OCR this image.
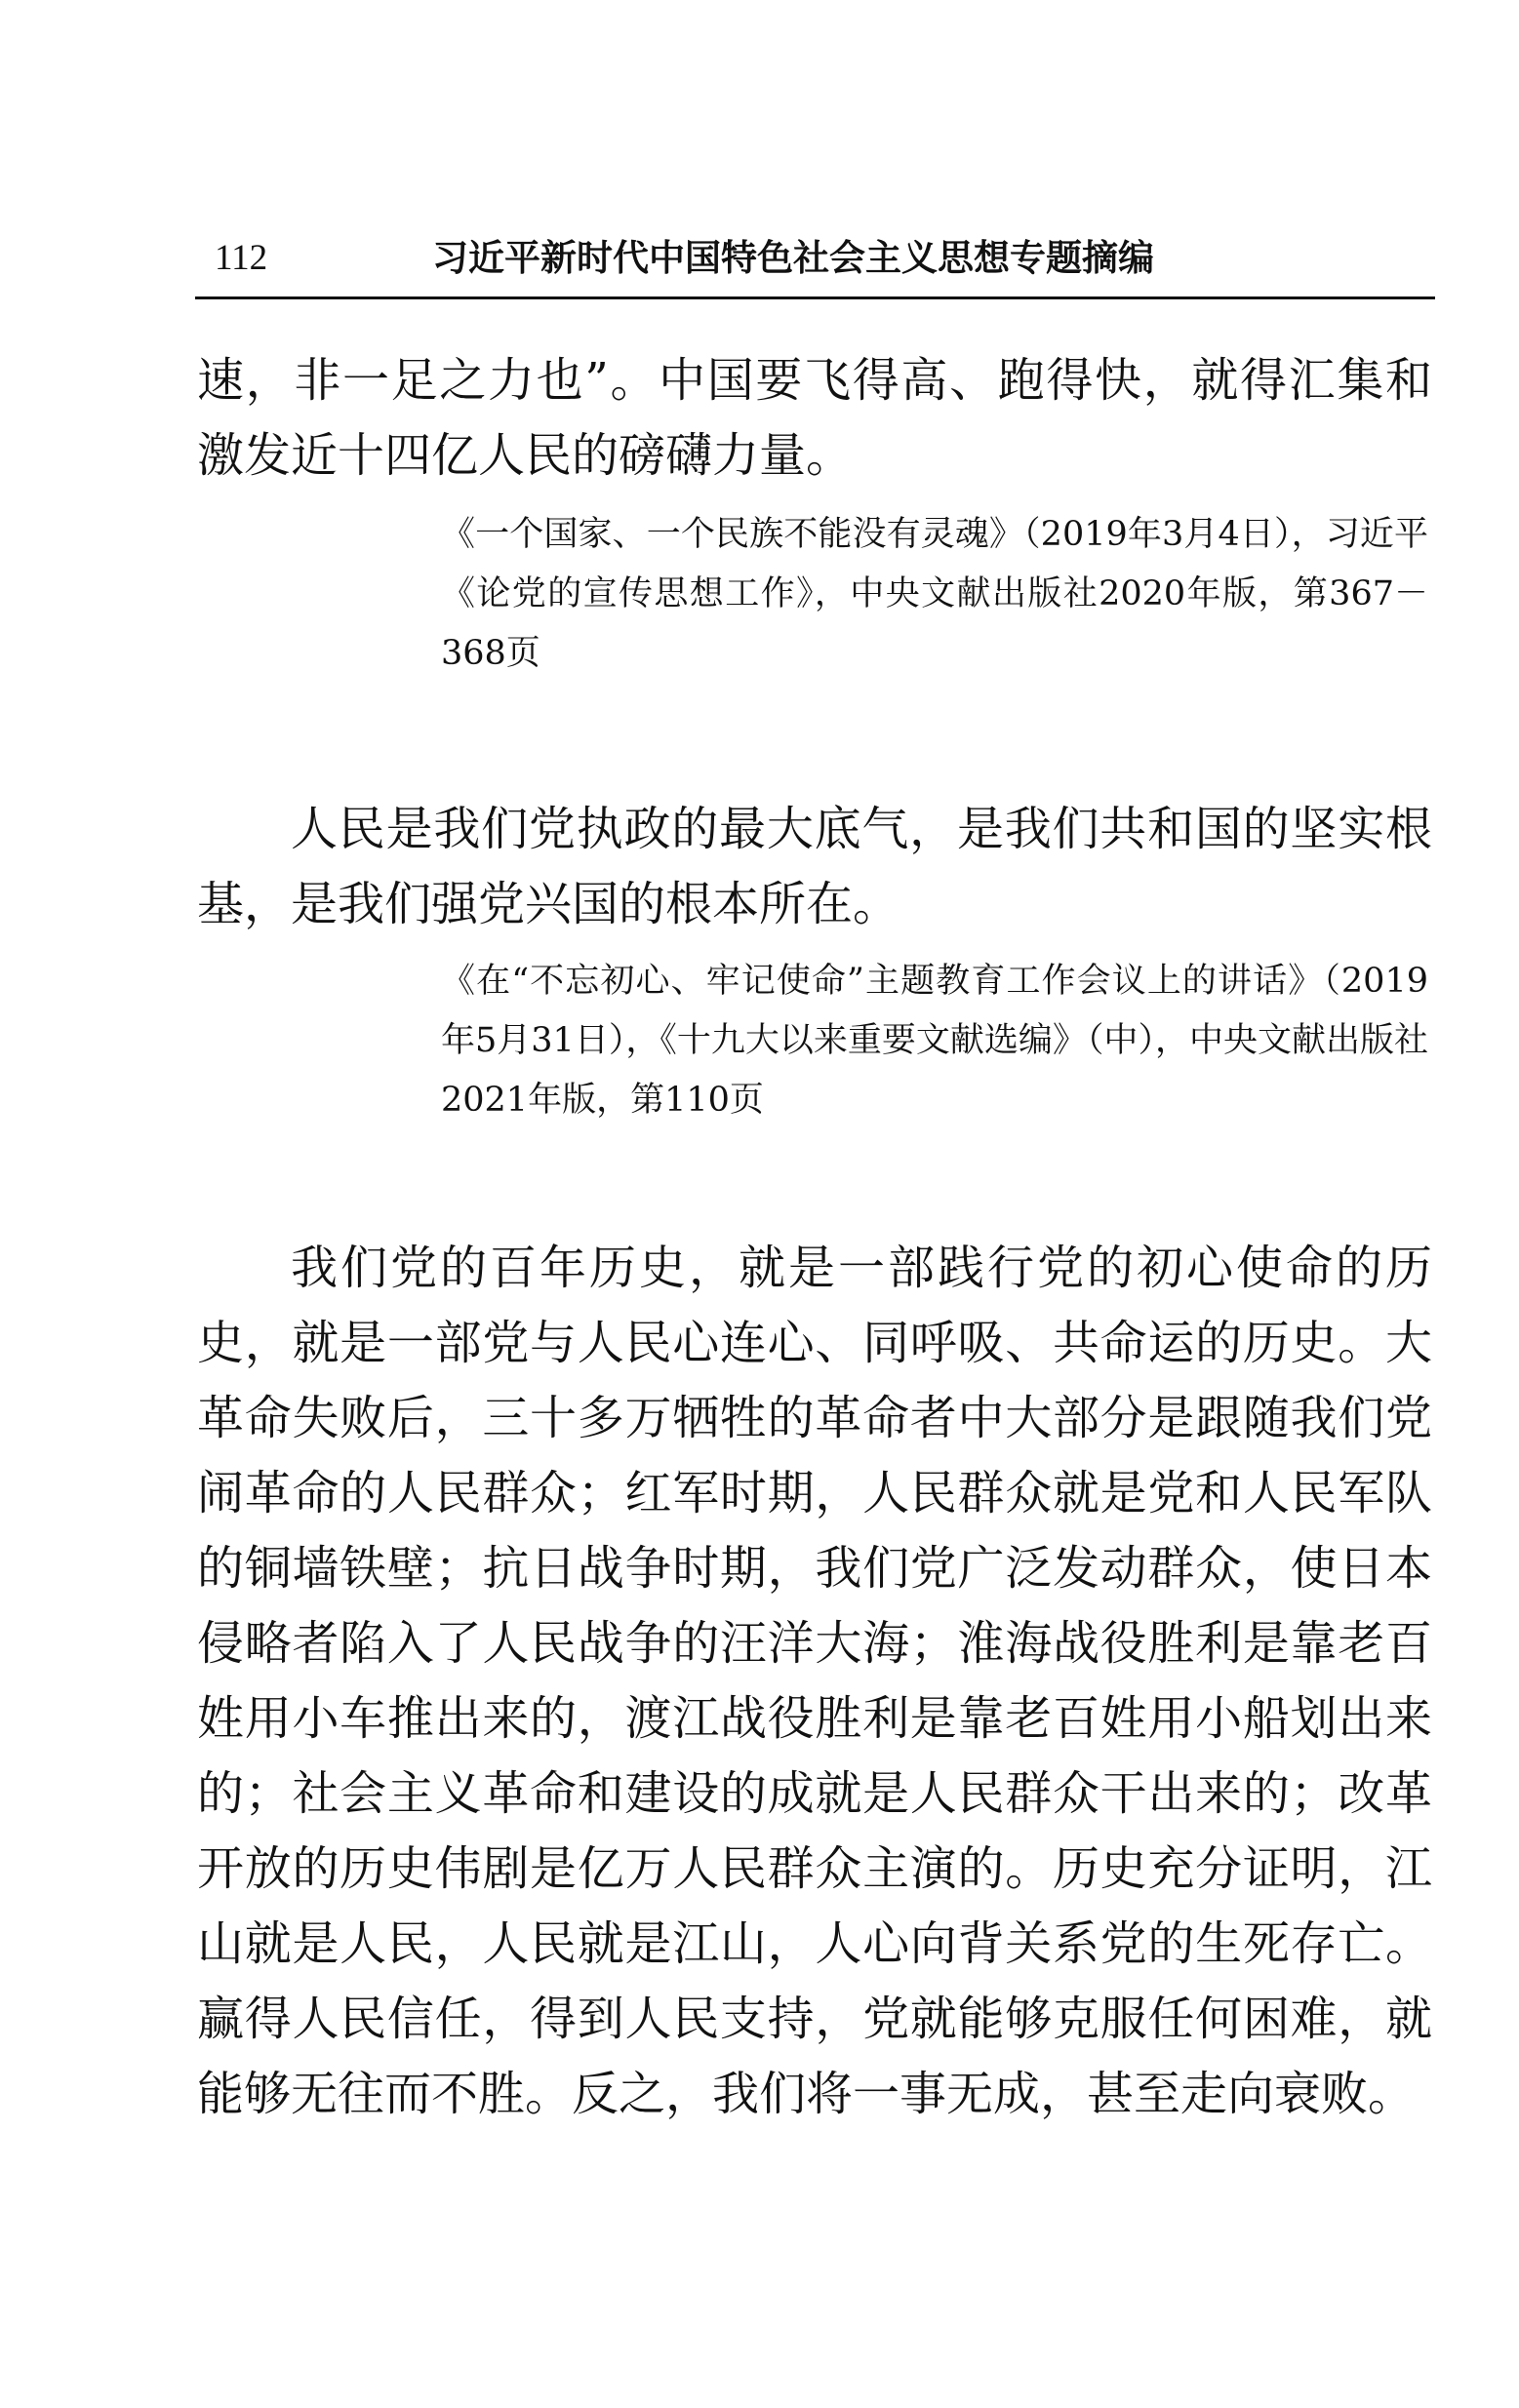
112	习近平新时代中国特色社会主义思想专题摘编

速，非一足之力也”。中国要飞得高、跑得快，就得汇集和激发近十四亿人民的磅礴力量。

《一个国家、一个民族不能没有灵魂》（2019年3月4日），习近平《论党的宣传思想工作》，中央文献出版社2020年版，第367－368页

人民是我们党执政的最大底气，是我们共和国的坚实根基，是我们强党兴国的根本所在。

《在“不忘初心、牢记使命”主题教育工作会议上的讲话》（2019年5月31日），《十九大以来重要文献选编》（中），中央文献出版社2021年版，第110页

我们党的百年历史，就是一部践行党的初心使命的历史，就是一部党与人民心连心、同呼吸、共命运的历史。大革命失败后，三十多万牺牲的革命者中大部分是跟随我们党闹革命的人民群众；红军时期，人民群众就是党和人民军队的铜墙铁壁；抗日战争时期，我们党广泛发动群众，使日本侵略者陷入了人民战争的汪洋大海；淮海战役胜利是靠老百姓用小车推出来的，渡江战役胜利是靠老百姓用小船划出来的；社会主义革命和建设的成就是人民群众干出来的；改革开放的历史伟剧是亿万人民群众主演的。历史充分证明，江山就是人民，人民就是江山，人心向背关系党的生死存亡。赢得人民信任，得到人民支持，党就能够克服任何困难，就能够无往而不胜。反之，我们将一事无成，甚至走向衰败。
